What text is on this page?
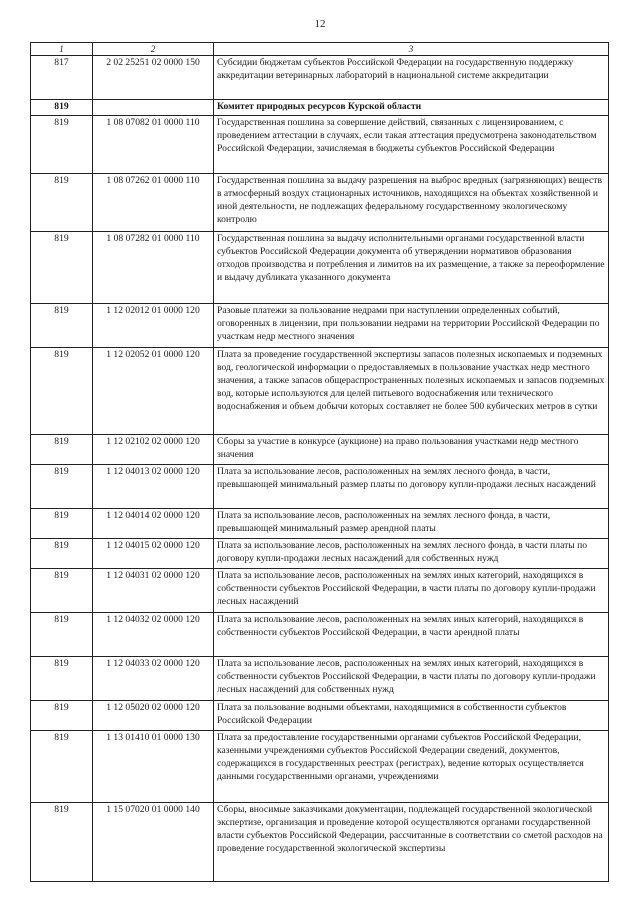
12
1	2	3
817	2 02 25251 02 0000 150	Субсидии бюджетам субъектов Российской Федерации на государственную поддержку аккредитации ветеринарных лабораторий в национальной системе аккредитации
819		Комитет природных ресурсов Курской области
819	1 08 07082 01 0000 110	Государственная пошлина за совершение действий, связанных с лицензированием, с проведением аттестации в случаях, если такая аттестация предусмотрена законодательством Российской Федерации, зачисляемая в бюджеты субъектов Российской Федерации
819	1 08 07262 01 0000 110	Государственная пошлина за выдачу разрешения на выброс вредных (загрязняющих) веществ в атмосферный воздух стационарных источников, находящихся на объектах хозяйственной и иной деятельности, не подлежащих федеральному государственному экологическому контролю
819	1 08 07282 01 0000 110	Государственная пошлина за выдачу исполнительными органами государственной власти субъектов Российской Федерации документа об утверждении нормативов образования отходов производства и потребления и лимитов на их размещение, а также за переоформление и выдачу дубликата указанного документа
819	1 12 02012 01 0000 120	Разовые платежи за пользование недрами при наступлении определенных событий, оговоренных в лицензии, при пользовании недрами на территории Российской Федерации по участкам недр местного значения
819	1 12 02052 01 0000 120	Плата за проведение государственной экспертизы запасов полезных ископаемых и подземных вод, геологической информации о предоставляемых в пользование участках недр местного значения, а также запасов общераспространенных полезных ископаемых и запасов подземных вод, которые используются для целей питьевого водоснабжения или технического водоснабжения и объем добычи которых составляет не более 500 кубических метров в сутки
819	1 12 02102 02 0000 120	Сборы за участие в конкурсе (аукционе) на право пользования участками недр местного значения
819	1 12 04013 02 0000 120	Плата за использование лесов, расположенных на землях лесного фонда, в части, превышающей минимальный размер платы по договору купли-продажи лесных насаждений
819	1 12 04014 02 0000 120	Плата за использование лесов, расположенных на землях лесного фонда, в части, превышающей минимальный размер арендной платы
819	1 12 04015 02 0000 120	Плата за использование лесов, расположенных на землях лесного фонда, в части платы по договору купли-продажи лесных насаждений для собственных нужд
819	1 12 04031 02 0000 120	Плата за использование лесов, расположенных на землях иных категорий, находящихся в собственности субъектов Российской Федерации, в части платы по договору купли-продажи лесных насаждений
819	1 12 04032 02 0000 120	Плата за использование лесов, расположенных на землях иных категорий, находящихся в собственности субъектов Российской Федерации, в части арендной платы
819	1 12 04033 02 0000 120	Плата за использование лесов, расположенных на землях иных категорий, находящихся в собственности субъектов Российской Федерации, в части платы по договору купли-продажи лесных насаждений для собственных нужд
819	1 12 05020 02 0000 120	Плата за пользование водными объектами, находящимися в собственности субъектов Российской Федерации
819	1 13 01410 01 0000 130	Плата за предоставление государственными органами субъектов Российской Федерации, казенными учреждениями субъектов Российской Федерации сведений, документов, содержащихся в государственных реестрах (регистрах), ведение которых осуществляется данными государственными органами, учреждениями
819	1 15 07020 01 0000 140	Сборы, вносимые заказчиками документации, подлежащей государственной экологической экспертизе, организация и проведение которой осуществляются органами государственной власти субъектов Российской Федерации, рассчитанные в соответствии со сметой расходов на проведение государственной экологической экспертизы
